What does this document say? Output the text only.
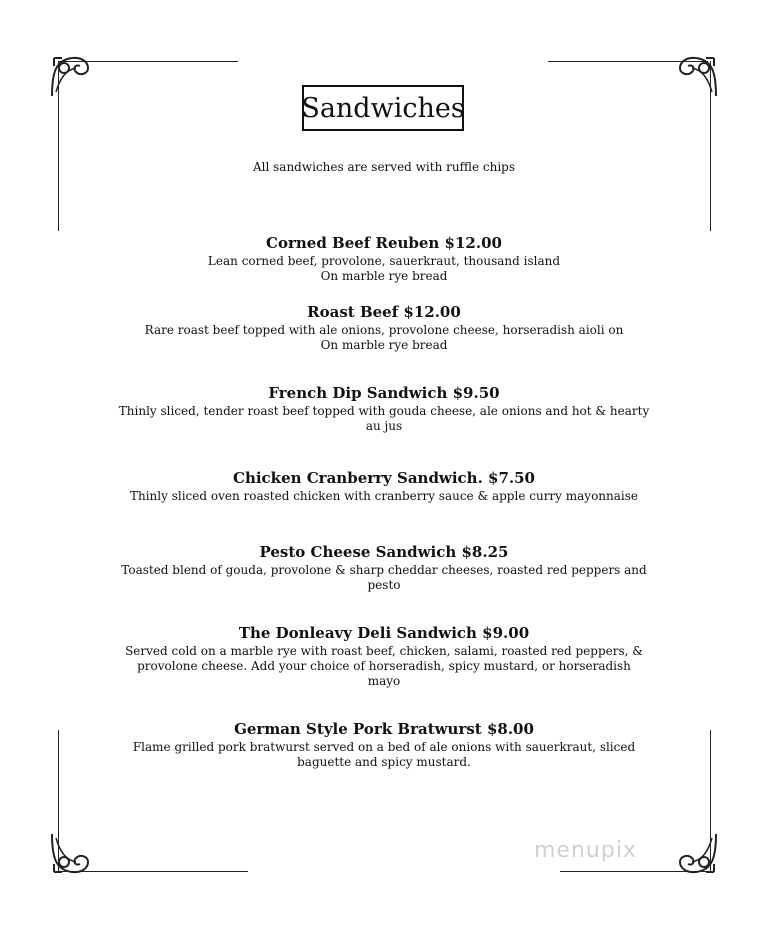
Sandwiches
All sandwiches are served with ruffle chips
Corned Beef Reuben $12.00
Lean corned beef, provolone, sauerkraut, thousand island
On marble rye bread
Roast Beef $12.00
Rare roast beef topped with ale onions, provolone cheese, horseradish aioli on
On marble rye bread
French Dip Sandwich $9.50
Thinly sliced, tender roast beef topped with gouda cheese, ale onions and hot & hearty
au jus
Chicken Cranberry Sandwich. $7.50
Thinly sliced oven roasted chicken with cranberry sauce & apple curry mayonnaise
Pesto Cheese Sandwich $8.25
Toasted blend of gouda, provolone & sharp cheddar cheeses, roasted red peppers and
pesto
The Donleavy Deli Sandwich $9.00
Served cold on a marble rye with roast beef, chicken, salami, roasted red peppers, &
provolone cheese. Add your choice of horseradish, spicy mustard, or horseradish
mayo
German Style Pork Bratwurst $8.00
Flame grilled pork bratwurst served on a bed of ale onions with sauerkraut, sliced
baguette and spicy mustard.
menupix
